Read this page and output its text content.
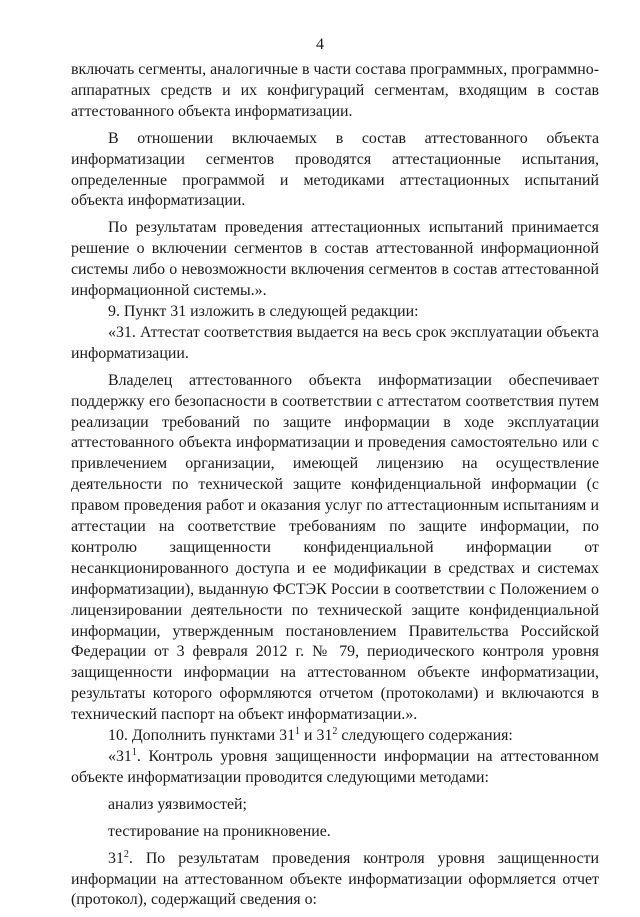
4

включать сегменты, аналогичные в части состава программных, программно-аппаратных средств и их конфигураций сегментам, входящим в состав аттестованного объекта информатизации.

В отношении включаемых в состав аттестованного объекта информатизации сегментов проводятся аттестационные испытания, определенные программой и методиками аттестационных испытаний объекта информатизации.

По результатам проведения аттестационных испытаний принимается решение о включении сегментов в состав аттестованной информационной системы либо о невозможности включения сегментов в состав аттестованной информационной системы.».

9. Пункт 31 изложить в следующей редакции:

«31. Аттестат соответствия выдается на весь срок эксплуатации объекта информатизации.

Владелец аттестованного объекта информатизации обеспечивает поддержку его безопасности в соответствии с аттестатом соответствия путем реализации требований по защите информации в ходе эксплуатации аттестованного объекта информатизации и проведения самостоятельно или с привлечением организации, имеющей лицензию на осуществление деятельности по технической защите конфиденциальной информации (с правом проведения работ и оказания услуг по аттестационным испытаниям и аттестации на соответствие требованиям по защите информации, по контролю защищенности конфиденциальной информации от несанкционированного доступа и ее модификации в средствах и системах информатизации), выданную ФСТЭК России в соответствии с Положением о лицензировании деятельности по технической защите конфиденциальной информации, утвержденным постановлением Правительства Российской Федерации от 3 февраля 2012 г. № 79, периодического контроля уровня защищенности информации на аттестованном объекте информатизации, результаты которого оформляются отчетом (протоколами) и включаются в технический паспорт на объект информатизации.».

10. Дополнить пунктами $31^1$ и $31^2$ следующего содержания:

«$31^1$. Контроль уровня защищенности информации на аттестованном объекте информатизации проводится следующими методами:

анализ уязвимостей;

тестирование на проникновение.

$31^2$. По результатам проведения контроля уровня защищенности информации на аттестованном объекте информатизации оформляется отчет (протокол), содержащий сведения о:
